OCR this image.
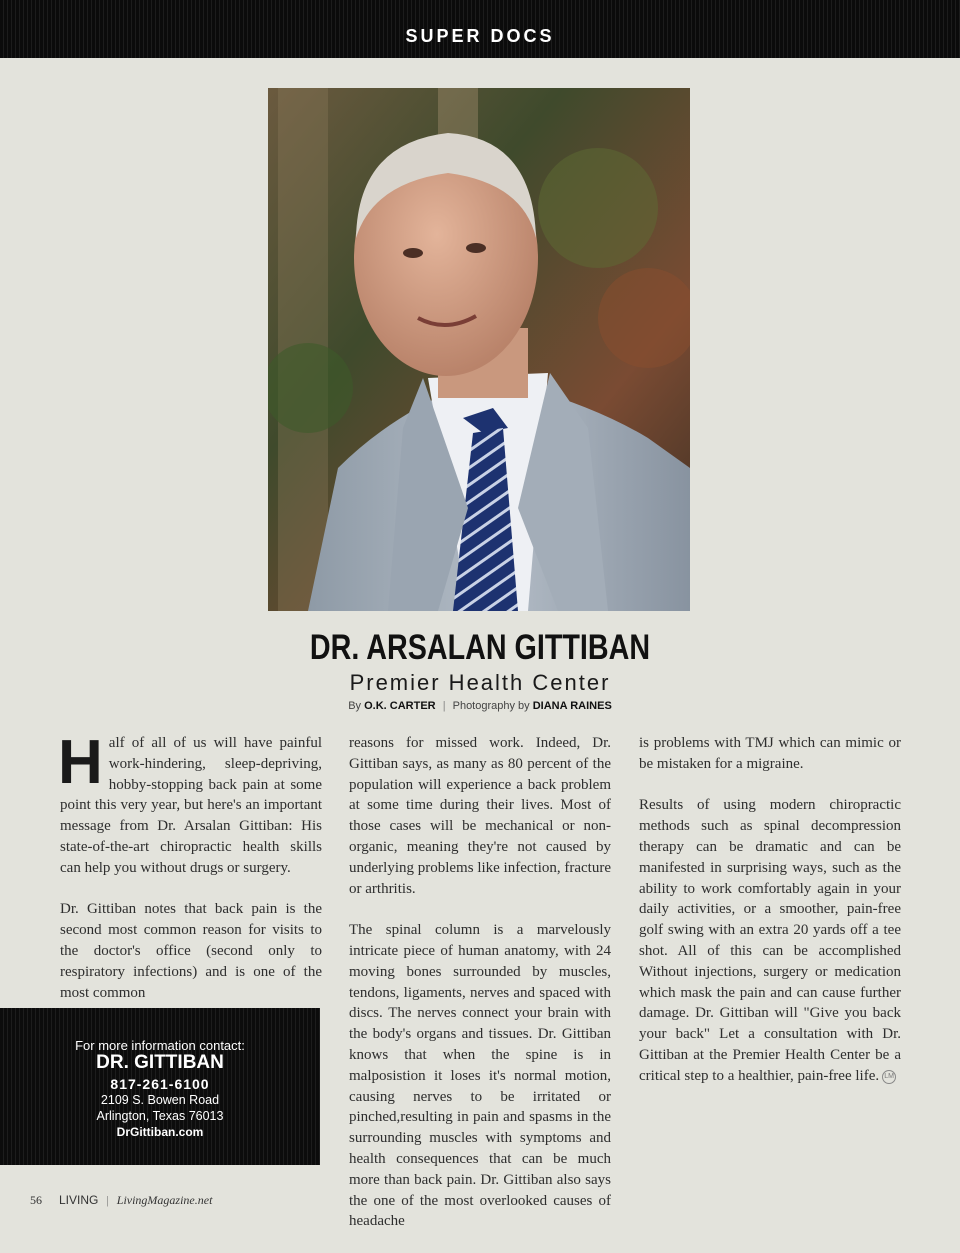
SUPER DOCS
DR. ARSALAN GITTIBAN
Premier Health Center
By O.K. CARTER | Photography by DIANA RAINES

Half of all of us will have painful work-hindering, sleep-depriving, hobby-stopping back pain at some point this very year, but here's an important message from Dr. Arsalan Gittiban: His state-of-the-art chiropractic health skills can help you without drugs or surgery.

Dr. Gittiban notes that back pain is the second most common reason for visits to the doctor's office (second only to respiratory infections) and is one of the most common

reasons for missed work. Indeed, Dr. Gittiban says, as many as 80 percent of the population will experience a back problem at some time during their lives. Most of those cases will be mechanical or non-organic, meaning they're not caused by underlying problems like infection, fracture or arthritis.

The spinal column is a marvelously intricate piece of human anatomy, with 24 moving bones surrounded by muscles, tendons, ligaments, nerves and spaced with discs. The nerves connect your brain with the body's organs and tissues. Dr. Gittiban knows that when the spine is in malposistion it loses it's normal motion, causing nerves to be irritated or pinched,resulting in pain and spasms in the surrounding muscles with symptoms and health consequences that can be much more than back pain. Dr. Gittiban also says the one of the most overlooked causes of headache

is problems with TMJ which can mimic or be mistaken for a migraine.

Results of using modern chiropractic methods such as spinal decompression therapy can be dramatic and can be manifested in surprising ways, such as the ability to work comfortably again in your daily activities, or a smoother, pain-free golf swing with an extra 20 yards off a tee shot. All of this can be accomplished Without injections, surgery or medication which mask the pain and can cause further damage. Dr. Gittiban will "Give you back your back" Let a consultation with Dr. Gittiban at the Premier Health Center be a critical step to a healthier, pain-free life. LM

For more information contact:
DR. GITTIBAN
817-261-6100
2109 S. Bowen Road
Arlington, Texas 76013
DrGittiban.com
56 LIVING | LivingMagazine.net
